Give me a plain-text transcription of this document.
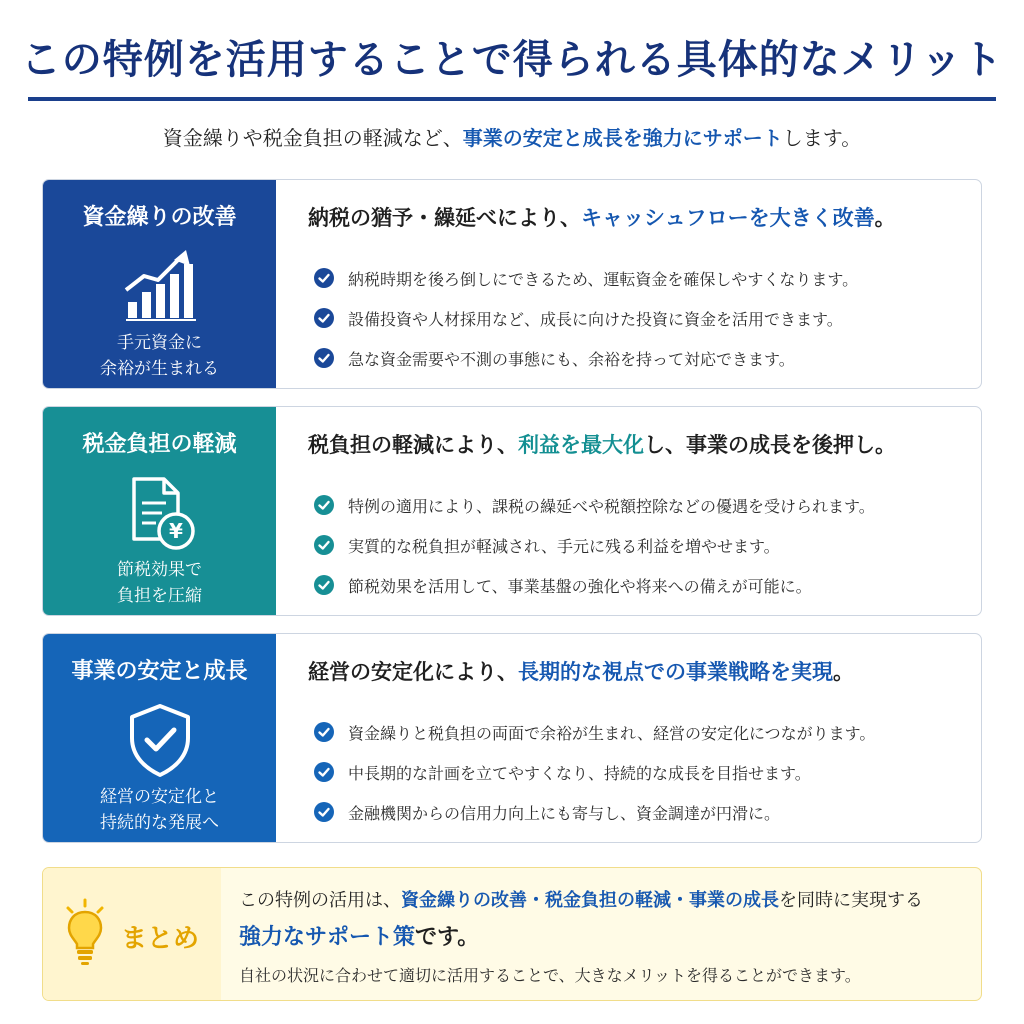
この特例を活用することで得られる具体的なメリット

資金繰りや税金負担の軽減など、事業の安定と成長を強力にサポートします。

資金繰りの改善
手元資金に
余裕が生まれる
納税の猶予・繰延べにより、キャッシュフローを大きく改善。
納税時期を後ろ倒しにできるため、運転資金を確保しやすくなります。
設備投資や人材採用など、成長に向けた投資に資金を活用できます。
急な資金需要や不測の事態にも、余裕を持って対応できます。
税金負担の軽減
¥
節税効果で
負担を圧縮
税負担の軽減により、利益を最大化し、事業の成長を後押し。
特例の適用により、課税の繰延べや税額控除などの優遇を受けられます。
実質的な税負担が軽減され、手元に残る利益を増やせます。
節税効果を活用して、事業基盤の強化や将来への備えが可能に。
事業の安定と成長
経営の安定化と
持続的な発展へ
経営の安定化により、長期的な視点での事業戦略を実現。
資金繰りと税負担の両面で余裕が生まれ、経営の安定化につながります。
中長期的な計画を立てやすくなり、持続的な成長を目指せます。
金融機関からの信用力向上にも寄与し、資金調達が円滑に。
まとめ
この特例の活用は、資金繰りの改善・税金負担の軽減・事業の成長を同時に実現する
強力なサポート策です。
自社の状況に合わせて適切に活用することで、大きなメリットを得ることができます。
